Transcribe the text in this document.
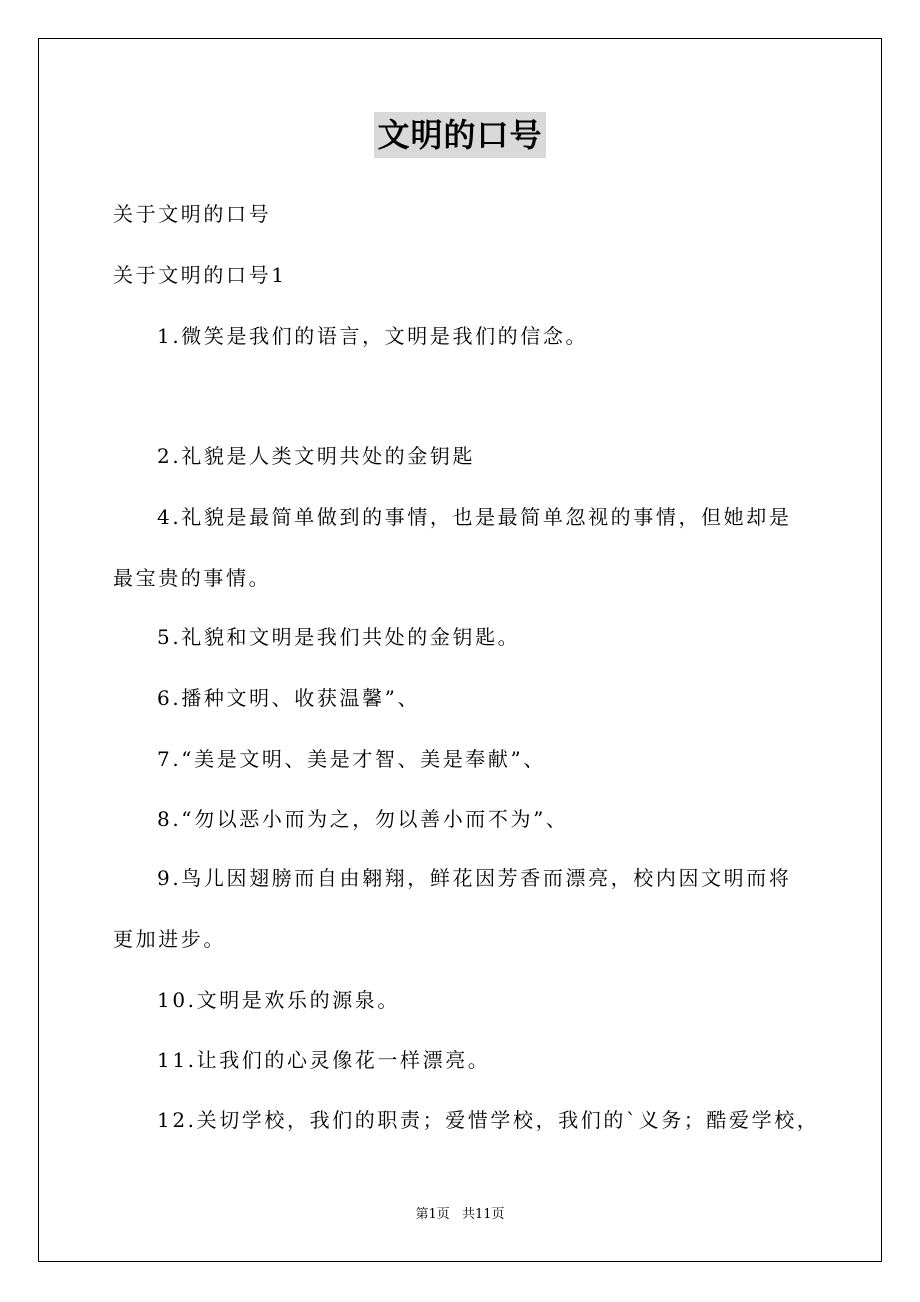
文明的口号
关于文明的口号
关于文明的口号1
1.微笑是我们的语言，文明是我们的信念。
2.礼貌是人类文明共处的金钥匙
4.礼貌是最简单做到的事情，也是最简单忽视的事情，但她却是
最宝贵的事情。
5.礼貌和文明是我们共处的金钥匙。
6.播种文明、收获温馨”、
7.“美是文明、美是才智、美是奉献”、
8.“勿以恶小而为之，勿以善小而不为”、
9.鸟儿因翅膀而自由翱翔，鲜花因芳香而漂亮，校内因文明而将
更加进步。
10.文明是欢乐的源泉。
11.让我们的心灵像花一样漂亮。
12.关切学校，我们的职责；爱惜学校，我们的`义务；酷爱学校，
第1页 共11页
